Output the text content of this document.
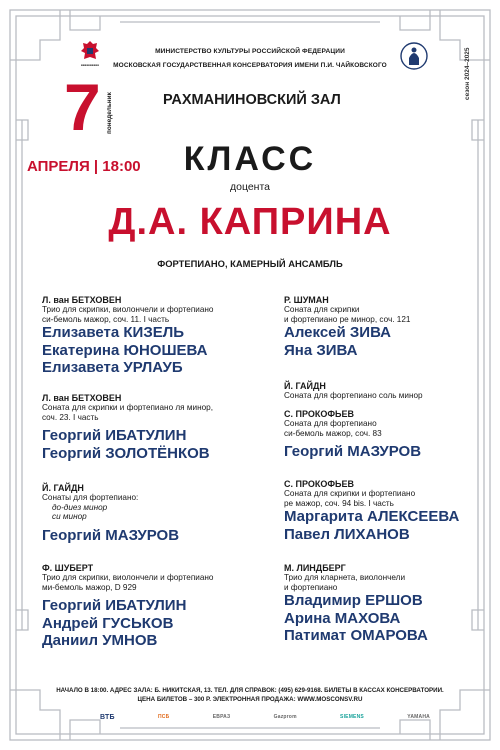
■■■■■■■■■■	сезон 2024–2025
МИНИСТЕРСТВО КУЛЬТУРЫ РОССИЙСКОЙ ФЕДЕРАЦИИ
МОСКОВСКАЯ ГОСУДАРСТВЕННАЯ КОНСЕРВАТОРИЯ ИМЕНИ П.И. ЧАЙКОВСКОГО
7 понедельник
АПРЕЛЯ | 18:00
РАХМАНИНОВСКИЙ ЗАЛ
КЛАСС
доцента
Д.А. КАПРИНА
ФОРТЕПИАНО, КАМЕРНЫЙ АНСАМБЛЬ

Л. ван БЕТХОВЕН

Трио для скрипки, виолончели и фортепиано

си-бемоль мажор, соч. 11. I часть

Елизавета КИЗЕЛЬ

Екатерина ЮНОШЕВА

Елизавета УРЛАУБ

Л. ван БЕТХОВЕН

Соната для скрипки и фортепиано ля минор,

соч. 23. I часть

Георгий ИБАТУЛИН

Георгий ЗОЛОТЁНКОВ

Й. ГАЙДН

Сонаты для фортепиано:

до-диез минор

си минор

Георгий МАЗУРОВ

Ф. ШУБЕРТ

Трио для скрипки, виолончели и фортепиано

ми-бемоль мажор, D 929

Георгий ИБАТУЛИН

Андрей ГУСЬКОВ

Даниил УМНОВ

Р. ШУМАН

Соната для скрипки

и фортепиано ре минор, соч. 121

Алексей ЗИВА

Яна ЗИВА

Й. ГАЙДН

Соната для фортепиано соль минор

С. ПРОКОФЬЕВ

Соната для фортепиано

си-бемоль мажор, соч. 83

Георгий МАЗУРОВ

С. ПРОКОФЬЕВ

Соната для скрипки и фортепиано

ре мажор, соч. 94 bis. I часть

Маргарита АЛЕКСЕЕВА

Павел ЛИХАНОВ

М. ЛИНДБЕРГ

Трио для кларнета, виолончели

и фортепиано

Владимир ЕРШОВ

Арина МАХОВА

Патимат ОМАРОВА

НАЧАЛО В 18:00. АДРЕС ЗАЛА: Б. НИКИТСКАЯ, 13. ТЕЛ. ДЛЯ СПРАВОК: (495) 629-9168. БИЛЕТЫ В КАССАХ КОНСЕРВАТОРИИ.
ЦЕНА БИЛЕТОВ – 300 Р. ЭЛЕКТРОННАЯ ПРОДАЖА: WWW.MOSCONSV.RU
ВТБ	ПСБ	ЕВРАЗ	Gazprom	SIEMENS	YAMAHA
